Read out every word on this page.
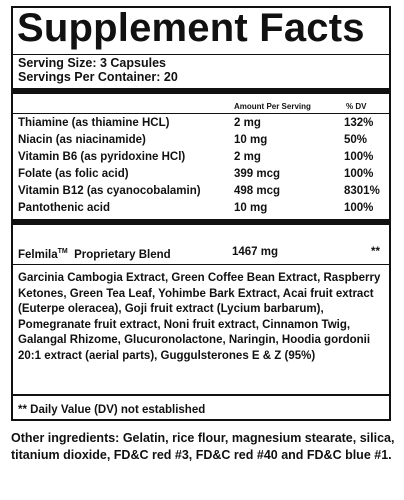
Supplement Facts
Serving Size: 3 Capsules
Servings Per Container: 20
Amount Per Serving	% DV
Thiamine (as thiamine HCL)	2 mg	132%
Niacin (as niacinamide)	10 mg	50%
Vitamin B6 (as pyridoxine HCl)	2 mg	100%
Folate (as folic acid)	399 mcg	100%
Vitamin B12 (as cyanocobalamin)	498 mcg	8301%
Pantothenic acid	10 mg	100%
Felmila™ Proprietary Blend	1467 mg	**
Garcinia Cambogia Extract, Green Coffee Bean Extract, Raspberry Ketones, Green Tea Leaf, Yohimbe Bark Extract, Acai fruit extract (Euterpe oleracea), Goji fruit extract (Lycium barbarum), Pomegranate fruit extract, Noni fruit extract, Cinnamon Twig, Galangal Rhizome, Glucuronolactone, Naringin, Hoodia gordonii 20:1 extract (aerial parts), Guggulsterones E & Z (95%)
** Daily Value (DV) not established
Other ingredients: Gelatin, rice flour, magnesium stearate, silica, titanium dioxide, FD&C red #3, FD&C red #40 and FD&C blue #1.
